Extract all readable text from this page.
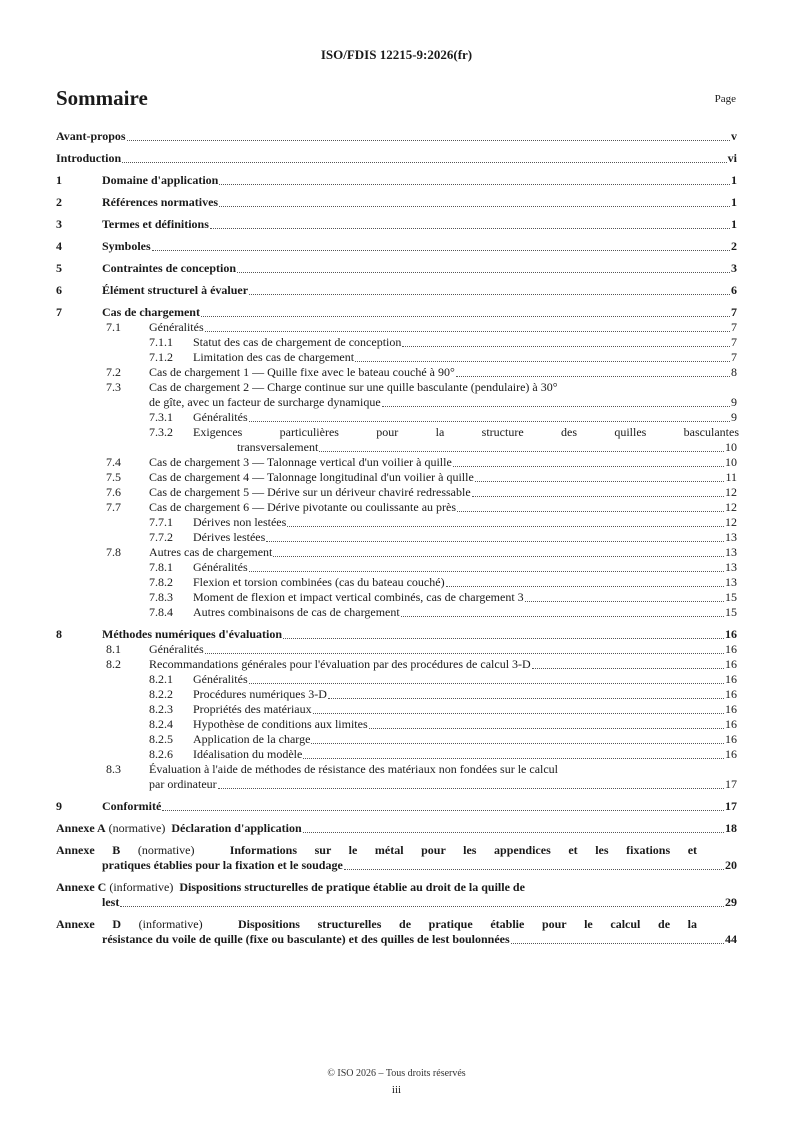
ISO/FDIS 12215-9:2026(fr)
Sommaire	Page
Avant-propos	v
Introduction	vi
1	Domaine d'application	1
2	Références normatives	1
3	Termes et définitions	1
4	Symboles	2
5	Contraintes de conception	3
6	Élément structurel à évaluer	6
7	Cas de chargement	7
7.1	Généralités	7
7.1.1	Statut des cas de chargement de conception	7
7.1.2	Limitation des cas de chargement	7
7.2	Cas de chargement 1 — Quille fixe avec le bateau couché à 90°	8
7.3	Cas de chargement 2 — Charge continue sur une quille basculante (pendulaire) à 30°
de gîte, avec un facteur de surcharge dynamique	9
7.3.1	Généralités	9
7.3.2	Exigences particulières pour la structure des quilles basculantes
transversalement	10
7.4	Cas de chargement 3 — Talonnage vertical d'un voilier à quille	10
7.5	Cas de chargement 4 — Talonnage longitudinal d'un voilier à quille	11
7.6	Cas de chargement 5 — Dérive sur un dériveur chaviré redressable	12
7.7	Cas de chargement 6 — Dérive pivotante ou coulissante au près	12
7.7.1	Dérives non lestées	12
7.7.2	Dérives lestées	13
7.8	Autres cas de chargement	13
7.8.1	Généralités	13
7.8.2	Flexion et torsion combinées (cas du bateau couché)	13
7.8.3	Moment de flexion et impact vertical combinés, cas de chargement 3	15
7.8.4	Autres combinaisons de cas de chargement	15
8	Méthodes numériques d'évaluation	16
8.1	Généralités	16
8.2	Recommandations générales pour l'évaluation par des procédures de calcul 3-D	16
8.2.1	Généralités	16
8.2.2	Procédures numériques 3-D	16
8.2.3	Propriétés des matériaux	16
8.2.4	Hypothèse de conditions aux limites	16
8.2.5	Application de la charge	16
8.2.6	Idéalisation du modèle	16
8.3	Évaluation à l'aide de méthodes de résistance des matériaux non fondées sur le calcul
par ordinateur	17
9	Conformité	17
Annexe A (normative) Déclaration d'application	18
Annexe B (normative)	Informations sur le métal pour les appendices et les fixations et
pratiques établies pour la fixation et le soudage	20
Annexe C (informative) Dispositions structurelles de pratique établie au droit de la quille de
lest	29
Annexe D (informative)	Dispositions structurelles de pratique établie pour le calcul de la
résistance du voile de quille (fixe ou basculante) et des quilles de lest boulonnées	44
© ISO 2026 – Tous droits réservés
iii
